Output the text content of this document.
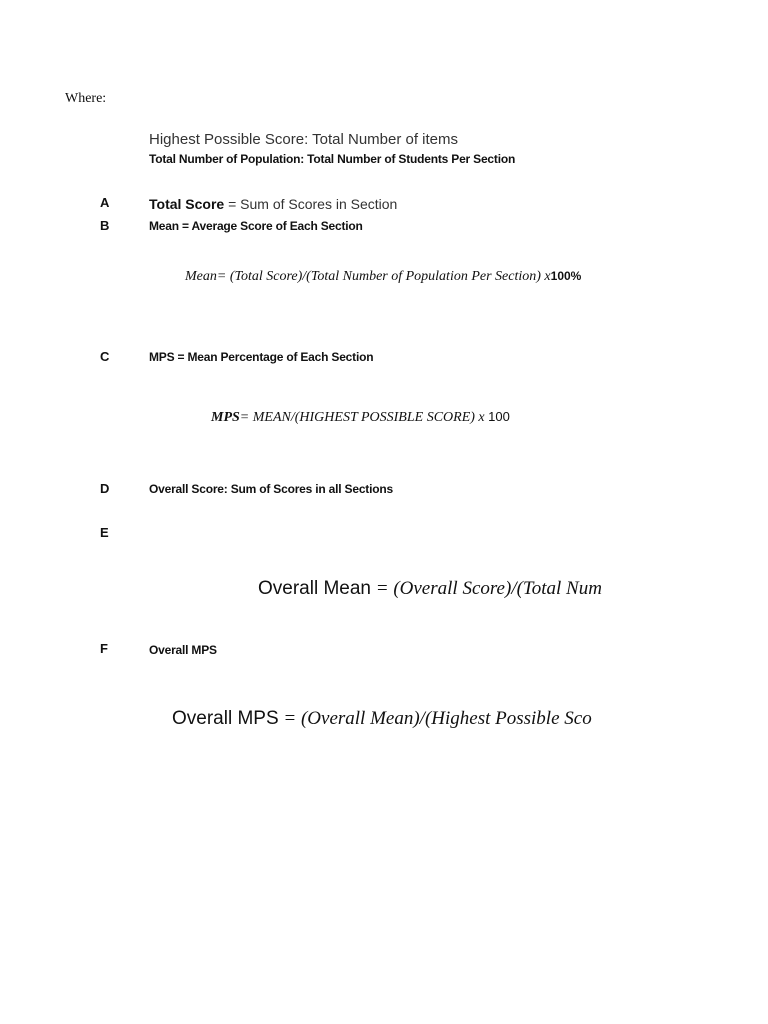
Where:
Highest Possible Score: Total Number of items
Total Number of Population: Total Number of Students Per Section
A	Total Score = Sum of Scores in Section
B	Mean = Average Score of Each Section
Mean= (Total Score)/(Total Number of Population Per Section) x100%
C	MPS = Mean Percentage of Each Section
MPS= MEAN/(HIGHEST POSSIBLE SCORE) x 100
D	Overall Score: Sum of Scores in all Sections
E
Overall Mean = (Overall Score)/(Total Num
F	Overall MPS
Overall MPS = (Overall Mean)/(Highest Possible Sco
